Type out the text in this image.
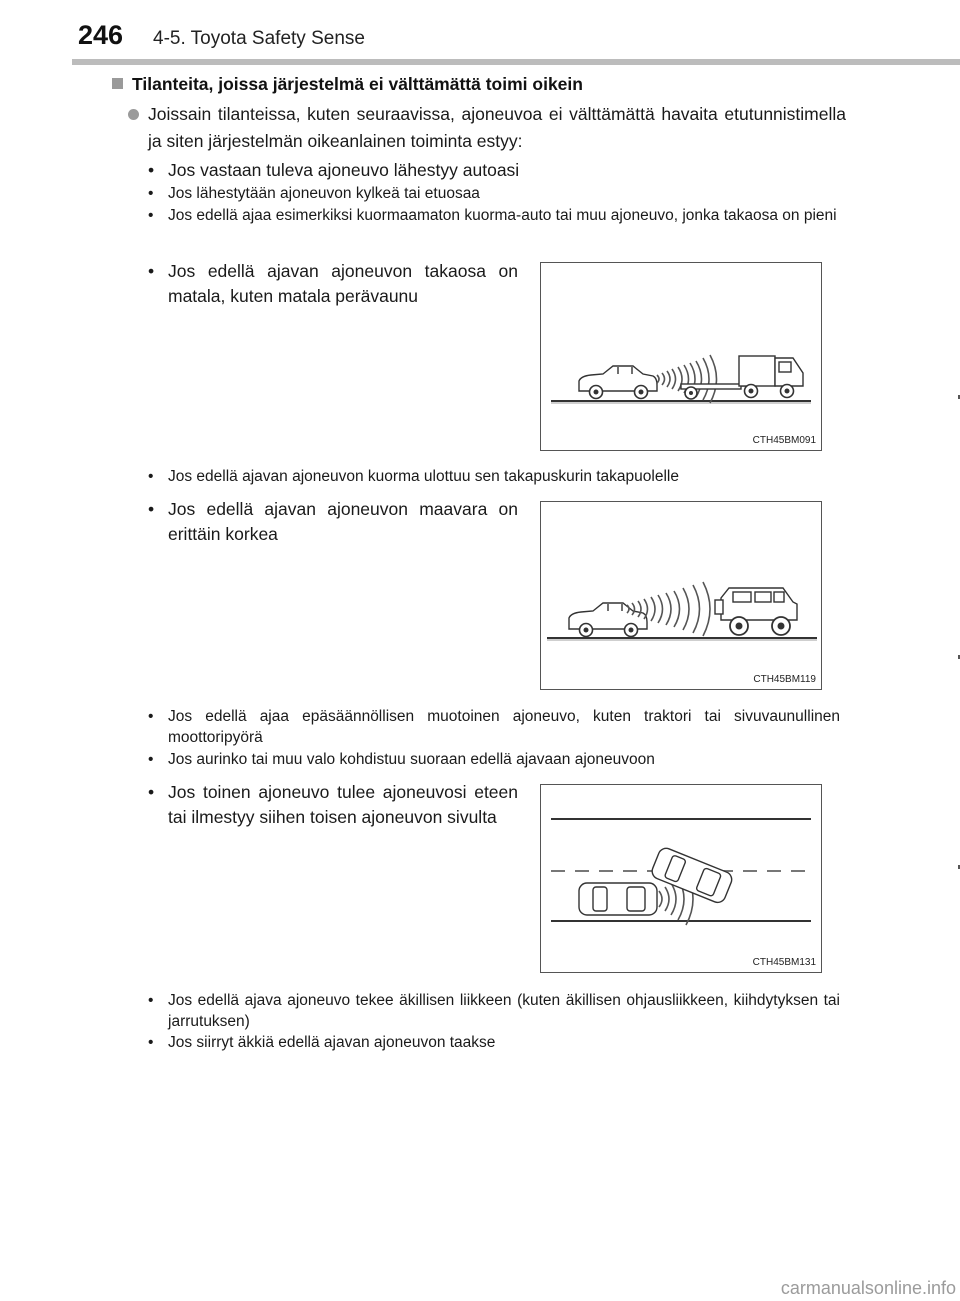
246 4-5. Toyota Safety Sense
Tilanteita, joissa järjestelmä ei välttämättä toimi oikein
Joissain tilanteissa, kuten seuraavissa, ajoneuvoa ei välttämättä havaita etutunnistimella ja siten järjestelmän oikeanlainen toiminta estyy:
• Jos vastaan tuleva ajoneuvo lähestyy autoasi
• Jos lähestytään ajoneuvon kylkeä tai etuosaa
• Jos edellä ajaa esimerkiksi kuormaamaton kuorma-auto tai muu ajoneuvo, jonka takaosa on pieni
• Jos edellä ajavan ajoneuvon takaosa on matala, kuten matala perävaunu
CTH45BM091
• Jos edellä ajavan ajoneuvon kuorma ulottuu sen takapuskurin takapuolelle
• Jos edellä ajavan ajoneuvon maavara on erittäin korkea
CTH45BM119
• Jos edellä ajaa epäsäännöllisen muotoinen ajoneuvo, kuten traktori tai sivuvaunullinen moottoripyörä
• Jos aurinko tai muu valo kohdistuu suoraan edellä ajavaan ajoneuvoon
• Jos toinen ajoneuvo tulee ajoneuvosi eteen tai ilmestyy siihen toisen ajoneuvon sivulta
CTH45BM131
• Jos edellä ajava ajoneuvo tekee äkillisen liikkeen (kuten äkillisen ohjausliikkeen, kiihdytyksen tai jarrutuksen)
• Jos siirryt äkkiä edellä ajavan ajoneuvon taakse
carmanualsonline.info
